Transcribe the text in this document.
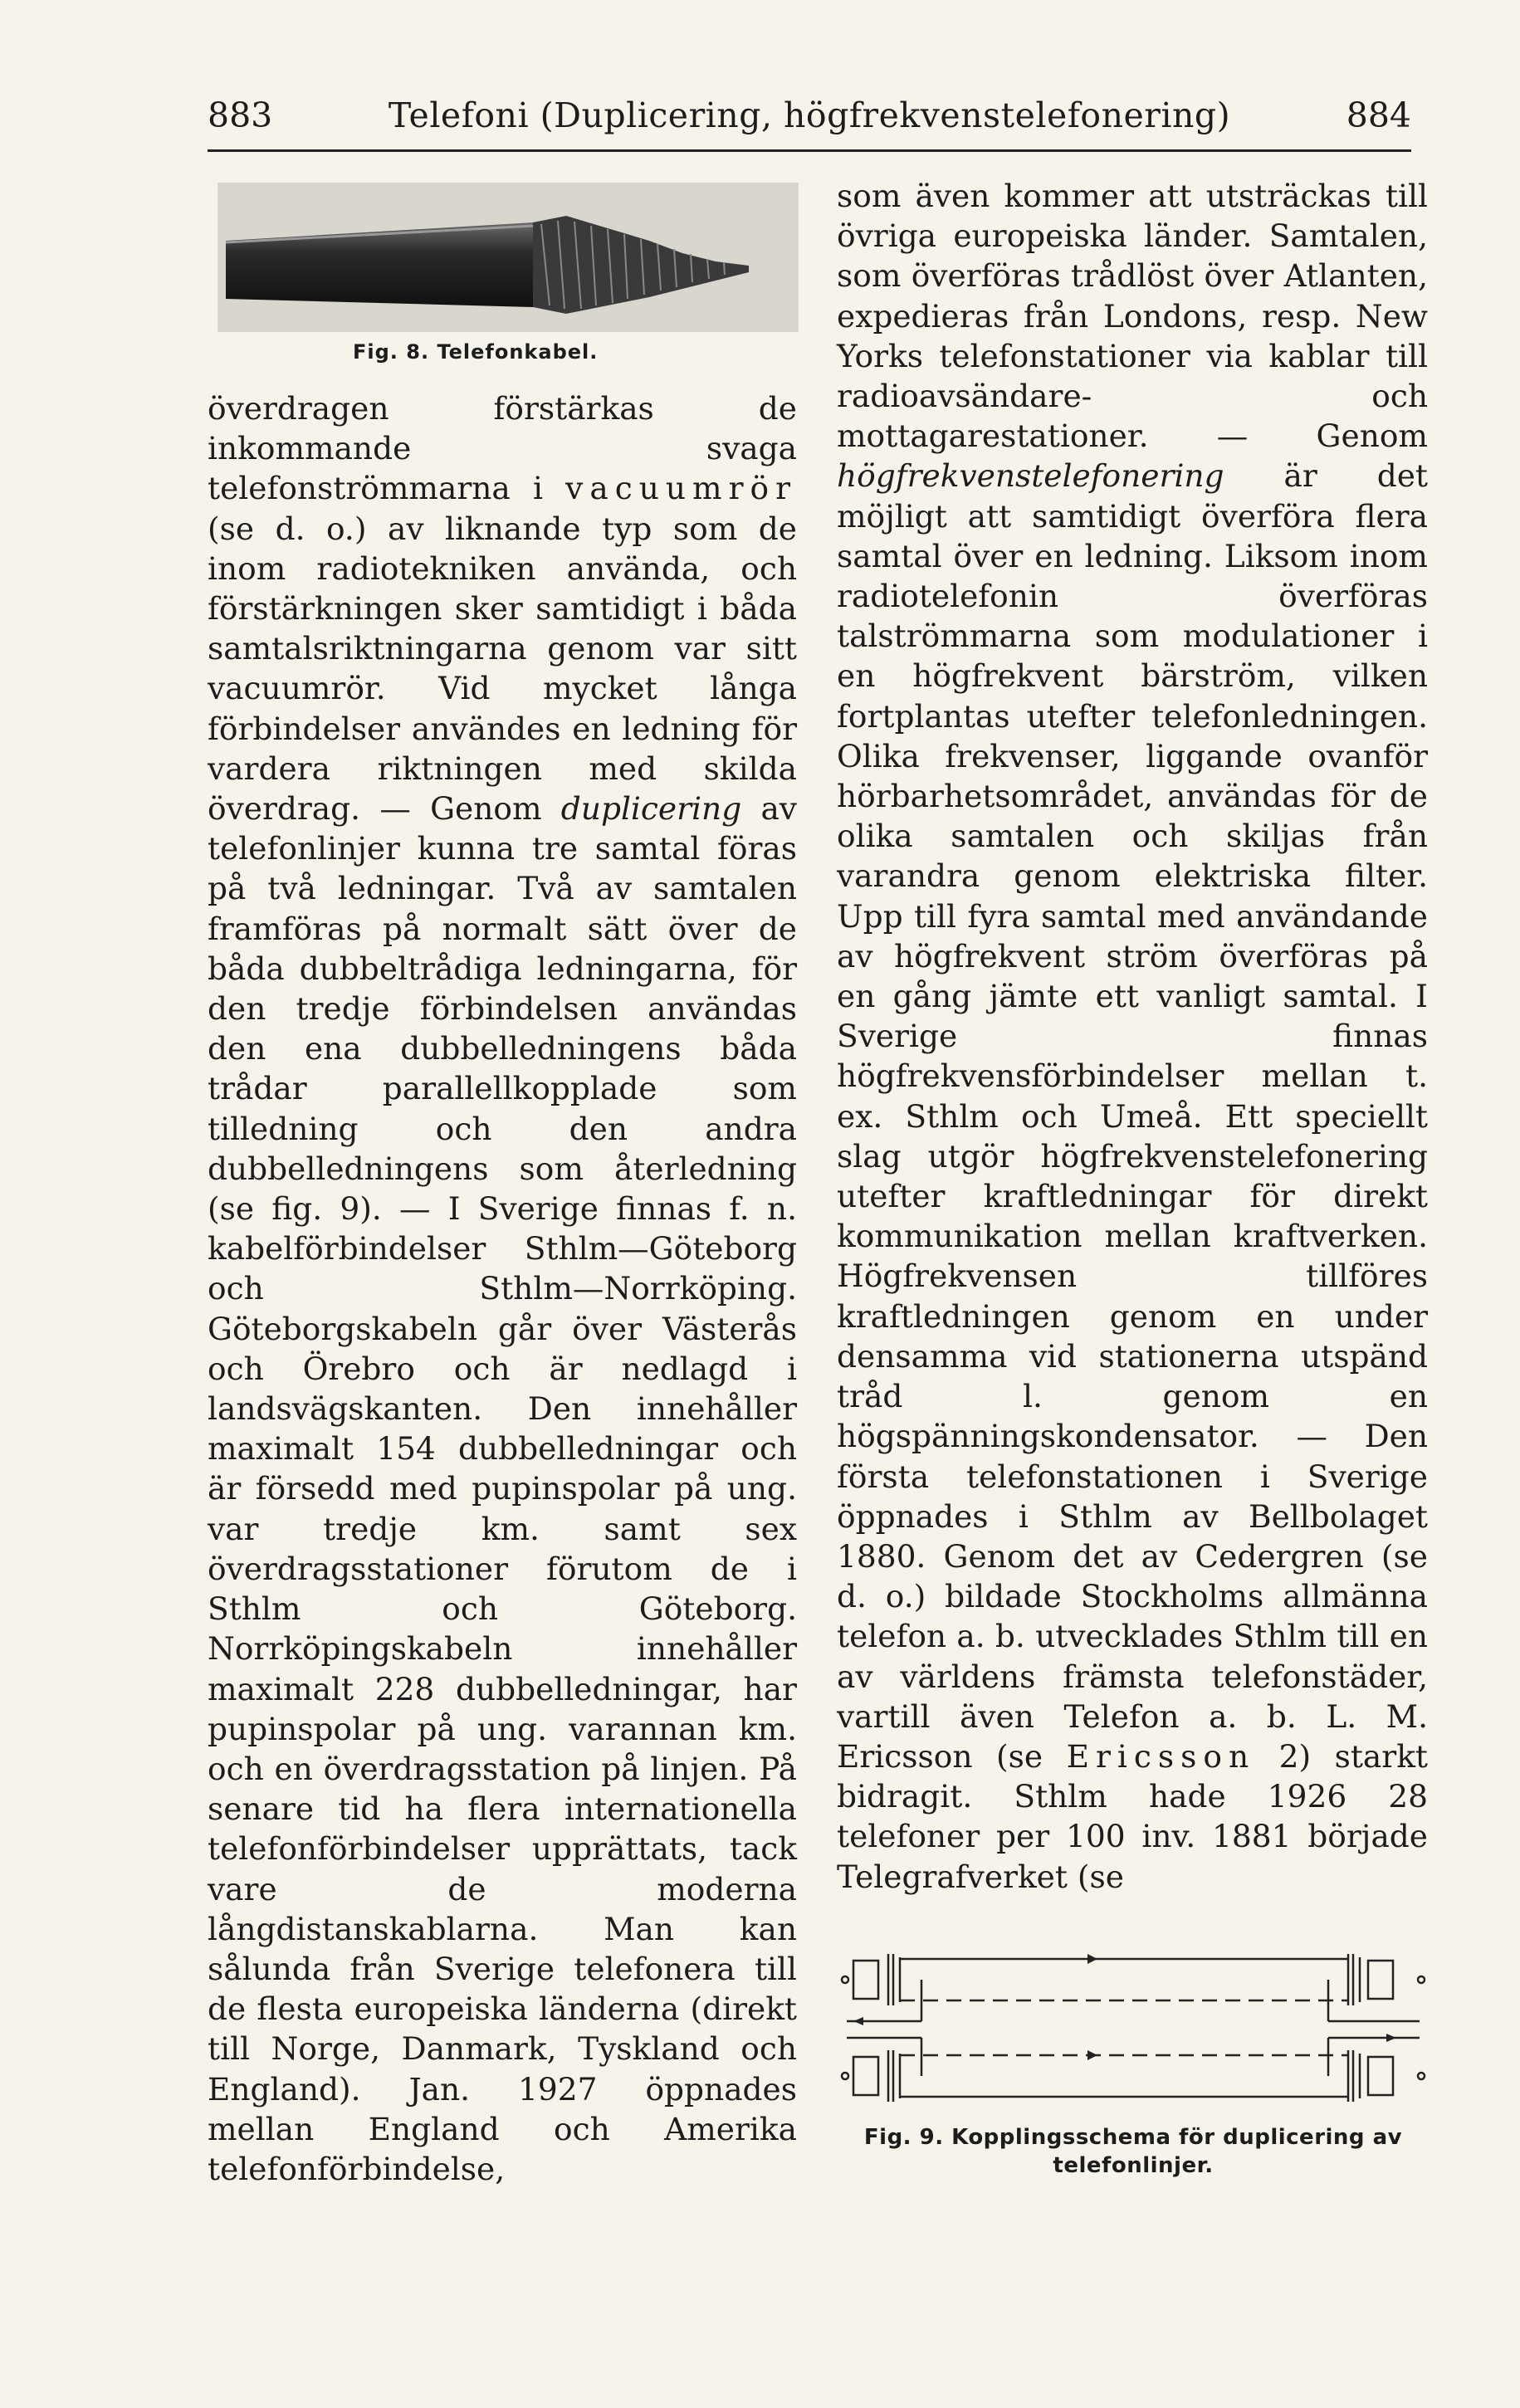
883	Telefoni (Duplicering, högfrekvenstelefonering)	884
Fig. 8. Telefonkabel.

överdragen förstärkas de inkommande svaga telefonströmmarna i vacuumrör (se d. o.) av liknande typ som de inom radiotekniken använda, och förstärkningen sker samtidigt i båda samtalsriktningarna genom var sitt vacuumrör. Vid mycket långa förbindelser användes en ledning för vardera riktningen med skilda överdrag. — Genom duplicering av telefonlinjer kunna tre samtal föras på två ledningar. Två av samtalen framföras på normalt sätt över de båda dubbeltrådiga ledningarna, för den tredje förbindelsen användas den ena dubbelledningens båda trådar parallellkopplade som tilledning och den andra dubbelledningens som återledning (se fig. 9). — I Sverige finnas f. n. kabelförbindelser Sthlm—Göteborg och Sthlm—Norrköping. Göteborgskabeln går över Västerås och Örebro och är nedlagd i landsvägskanten. Den innehåller maximalt 154 dubbelledningar och är försedd med pupinspolar på ung. var tredje km. samt sex överdragsstationer förutom de i Sthlm och Göteborg. Norrköpingskabeln innehåller maximalt 228 dubbelledningar, har pupinspolar på ung. varannan km. och en överdragsstation på linjen. På senare tid ha flera internationella telefonförbindelser upprättats, tack vare de moderna långdistanskablarna. Man kan sålunda från Sverige telefonera till de flesta europeiska länderna (direkt till Norge, Danmark, Tyskland och England). Jan. 1927 öppnades mellan England och Amerika telefonförbindelse,

som även kommer att utsträckas till övriga europeiska länder. Samtalen, som överföras trådlöst över Atlanten, expedieras från Londons, resp. New Yorks telefonstationer via kablar till radioavsändare- och mottagarestationer. — Genom högfrekvenstelefonering är det möjligt att samtidigt överföra flera samtal över en ledning. Liksom inom radiotelefonin överföras talströmmarna som modulationer i en högfrekvent bärström, vilken fortplantas utefter telefonledningen. Olika frekvenser, liggande ovanför hörbarhetsområdet, användas för de olika samtalen och skiljas från varandra genom elektriska filter. Upp till fyra samtal med användande av högfrekvent ström överföras på en gång jämte ett vanligt samtal. I Sverige finnas högfrekvensförbindelser mellan t. ex. Sthlm och Umeå. Ett speciellt slag utgör högfrekvenstelefonering utefter kraftledningar för direkt kommunikation mellan kraftverken. Högfrekvensen tillföres kraftledningen genom en under densamma vid stationerna utspänd tråd l. genom en högspänningskondensator. — Den första telefonstationen i Sverige öppnades i Sthlm av Bellbolaget 1880. Genom det av Cedergren (se d. o.) bildade Stockholms allmänna telefon a. b. utvecklades Sthlm till en av världens främsta telefonstäder, vartill även Telefon a. b. L. M. Ericsson (se Ericsson 2) starkt bidragit. Sthlm hade 1926 28 telefoner per 100 inv. 1881 började Telegrafverket (se

Fig. 9. Kopplingsschema för duplicering av telefonlinjer.
